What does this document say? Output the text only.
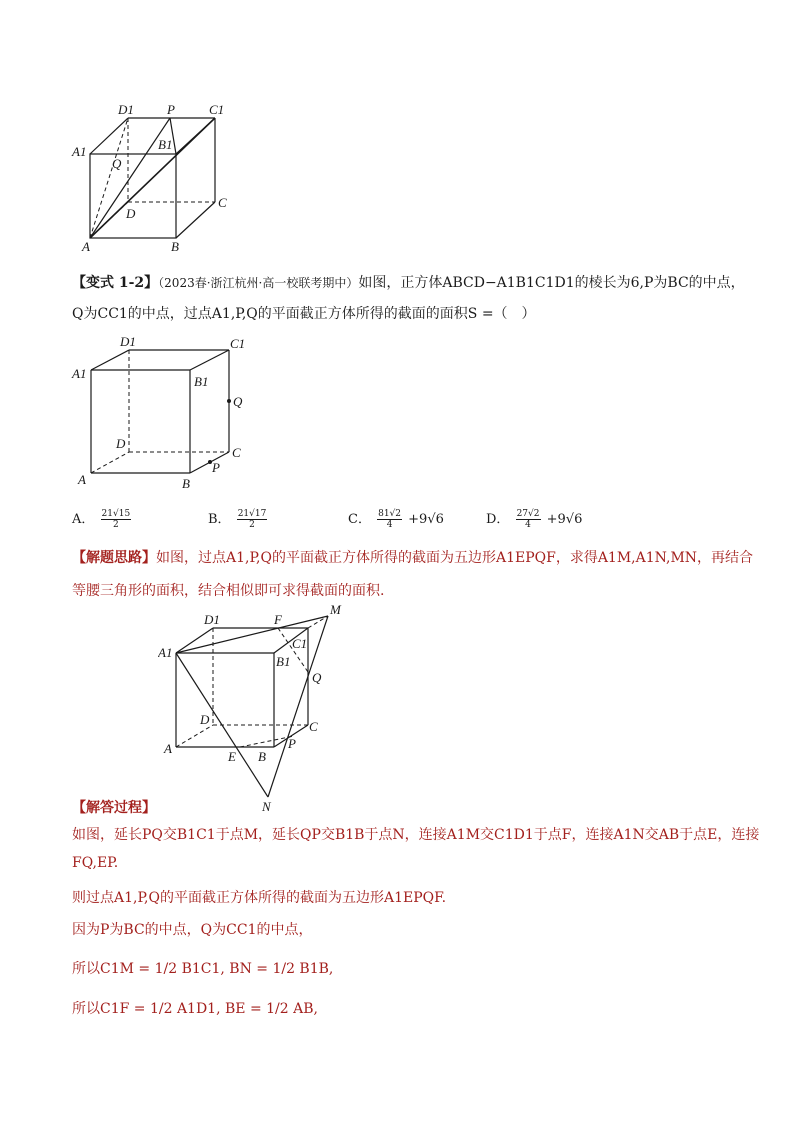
D1	P	C1
A1	B1
Q
D
C
A	B
【变式 1-2】（2023春·浙江杭州·高一校联考期中）如图，正方体ABCD−A1B1C1D1的棱长为6,P为BC的中点，
Q为CC1的中点，过点A1,P,Q的平面截正方体所得的截面的面积S =（　）
D1	C1
A1
B1
Q
D
C
A
P
B
A． $\frac{21√15}{2}$	B． $\frac{21√17}{2}$	C． $\frac{81√2}{4} +9√6$	D． $\frac{27√2}{4} +9√6$
【解题思路】如图，过点A1,P,Q的平面截正方体所得的截面为五边形A1EPQF，求得A1M,A1N,MN，再结合
等腰三角形的面积，结合相似即可求得截面的面积.
D1	F
M
C1
A1
B1
Q
D	C
A	P
E B
N
【解答过程】
如图，延长PQ交B1C1于点M，延长QP交B1B于点N，连接A1M交C1D1于点F，连接A1N交AB于点E，连接
FQ,EP.
则过点A1,P,Q的平面截正方体所得的截面为五边形A1EPQF.
因为P为BC的中点，Q为CC1的中点，
所以C1M = 1/2 B1C1, BN = 1/2 B1B,
所以C1F = 1/2 A1D1, BE = 1/2 AB,
